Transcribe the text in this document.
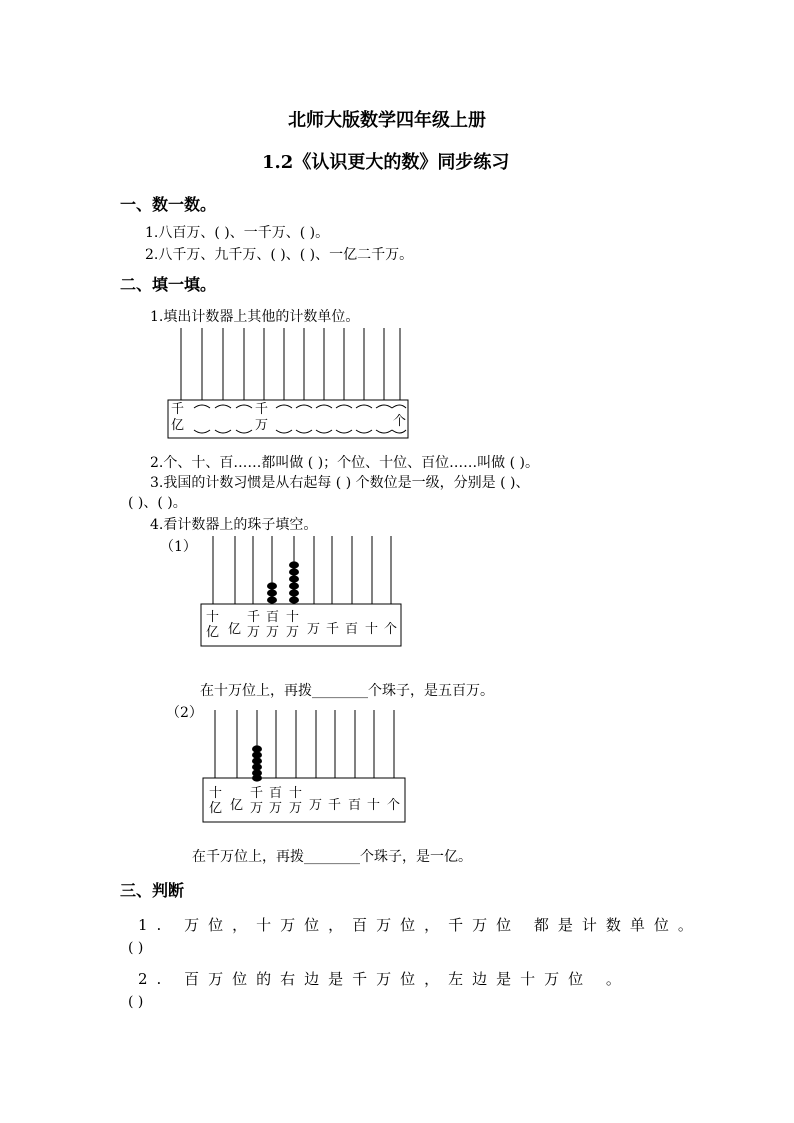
北师大版数学四年级上册
1.2《认识更大的数》同步练习
一、数一数。
1.八百万、( )、一千万、( )。
2.八千万、九千万、( )、( )、一亿二千万。
二、填一填。
1.填出计数器上其他的计数单位。
千亿
千万	个
2.个、十、百……都叫做 ( )；个位、十位、百位……叫做 ( )。
3.我国的计数习惯是从右起每 ( ) 个数位是一级，分别是 ( )、
( )、( )。
4.看计数器上的珠子填空。
（1）
十亿 亿
千万
百万
十万 万 千 百 十 个
在十万位上，再拨________个珠子，是五百万。
（2）
十亿 亿
千万
百万
十万 万 千 百 十 个
在千万位上，再拨________个珠子，是一亿。
三、判断
1. 万位，十万位，百万位，千万位 都是计数单位。
( )
2. 百万位的右边是千万位，左边是十万位 。
( )
